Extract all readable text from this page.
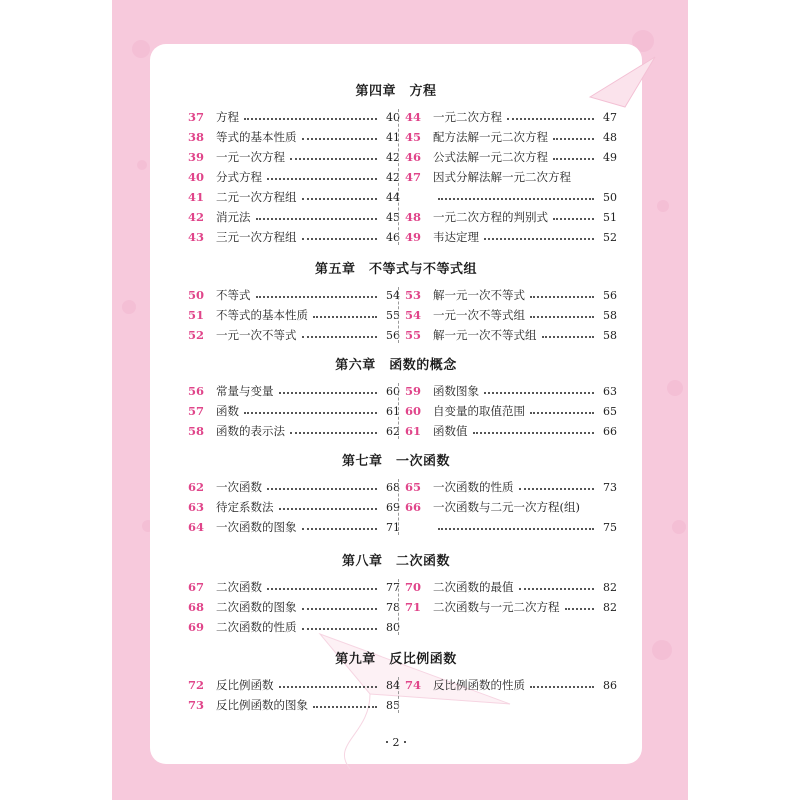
・2・
第四章　方程
37	方程	40
38	等式的基本性质	41
39	一元一次方程	42
40	分式方程	42
41	二元一次方程组	44
42	消元法	45
43	三元一次方程组	46
44	一元二次方程	47
45	配方法解一元二次方程	48
46	公式法解一元二次方程	49
47	因式分解法解一元二次方程
50
48	一元二次方程的判别式	51
49	韦达定理	52
第五章　不等式与不等式组
50	不等式	54
51	不等式的基本性质	55
52	一元一次不等式	56
53	解一元一次不等式	56
54	一元一次不等式组	58
55	解一元一次不等式组	58
第六章　函数的概念
56	常量与变量	60
57	函数	61
58	函数的表示法	62
59	函数图象	63
60	自变量的取值范围	65
61	函数值	66
第七章　一次函数
62	一次函数	68
63	待定系数法	69
64	一次函数的图象	71
65	一次函数的性质	73
66	一次函数与二元一次方程(组)
75
第八章　二次函数
67	二次函数	77
68	二次函数的图象	78
69	二次函数的性质	80
70	二次函数的最值	82
71	二次函数与一元二次方程	82
第九章　反比例函数
72	反比例函数	84
73	反比例函数的图象	85
74	反比例函数的性质	86
